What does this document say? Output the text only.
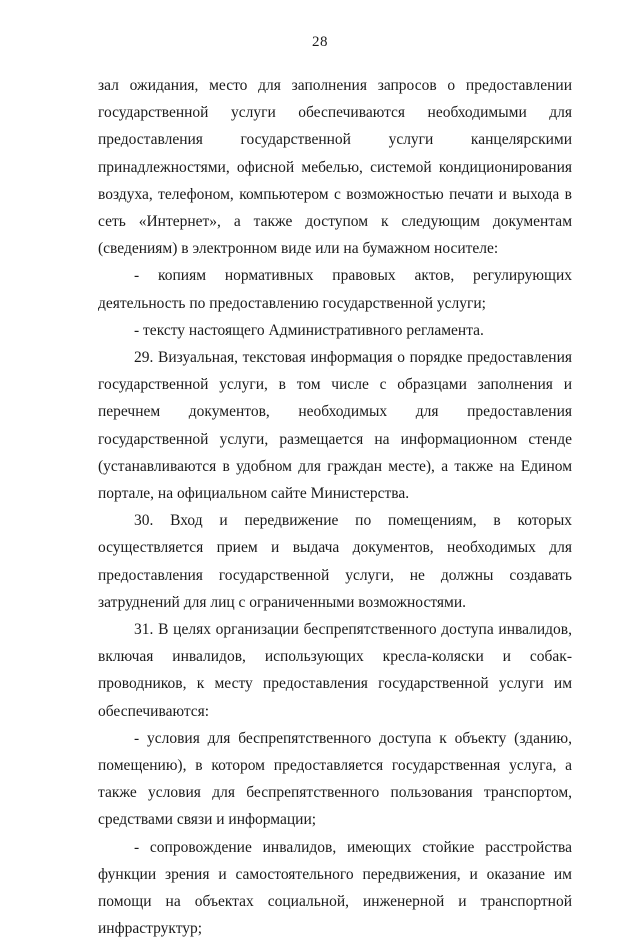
28

зал ожидания, место для заполнения запросов о предоставлении государственной услуги обеспечиваются необходимыми для предоставления государственной услуги канцелярскими принадлежностями, офисной мебелью, системой кондиционирования воздуха, телефоном, компьютером с возможностью печати и выхода в сеть «Интернет», а также доступом к следующим документам (сведениям) в электронном виде или на бумажном носителе:

- копиям нормативных правовых актов, регулирующих деятельность по предоставлению государственной услуги;

- тексту настоящего Административного регламента.

29. Визуальная, текстовая информация о порядке предоставления государственной услуги, в том числе с образцами заполнения и перечнем документов, необходимых для предоставления государственной услуги, размещается на информационном стенде (устанавливаются в удобном для граждан месте), а также на Едином портале, на официальном сайте Министерства.

30. Вход и передвижение по помещениям, в которых осуществляется прием и выдача документов, необходимых для предоставления государственной услуги, не должны создавать затруднений для лиц с ограниченными возможностями.

31. В целях организации беспрепятственного доступа инвалидов, включая инвалидов, использующих кресла-коляски и собак-проводников, к месту предоставления государственной услуги им обеспечиваются:

- условия для беспрепятственного доступа к объекту (зданию, помещению), в котором предоставляется государственная услуга, а также условия для беспрепятственного пользования транспортом, средствами связи и информации;

- сопровождение инвалидов, имеющих стойкие расстройства функции зрения и самостоятельного передвижения, и оказание им помощи на объектах социальной, инженерной и транспортной инфраструктур;
